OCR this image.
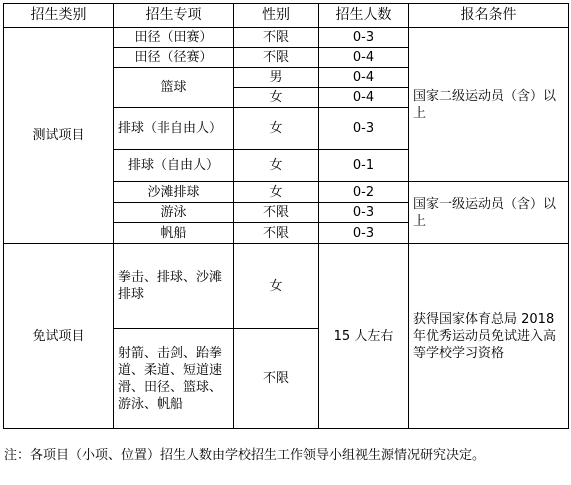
招生类别	招生专项	性别	招生人数	报名条件
测试项目	田径（田赛）	不限	0-3	国家二级运动员（含）以上
	田径（径赛）	不限	0-4	
	篮球	男	0-4	
		女	0-4	
	排球（非自由人）	女	0-3	
	排球（自由人）	女	0-1	
	沙滩排球	女	0-2	国家一级运动员（含）以上
	游泳	不限	0-3	
	帆船	不限	0-3	
免试项目	拳击、排球、沙滩排球	女	15 人左右	获得国家体育总局 2018 年优秀运动员免试进入高等学校学习资格
	射箭、击剑、跆拳道、柔道、短道速滑、田径、篮球、游泳、帆船	不限		
注：各项目（小项、位置）招生人数由学校招生工作领导小组视生源情况研究决定。
